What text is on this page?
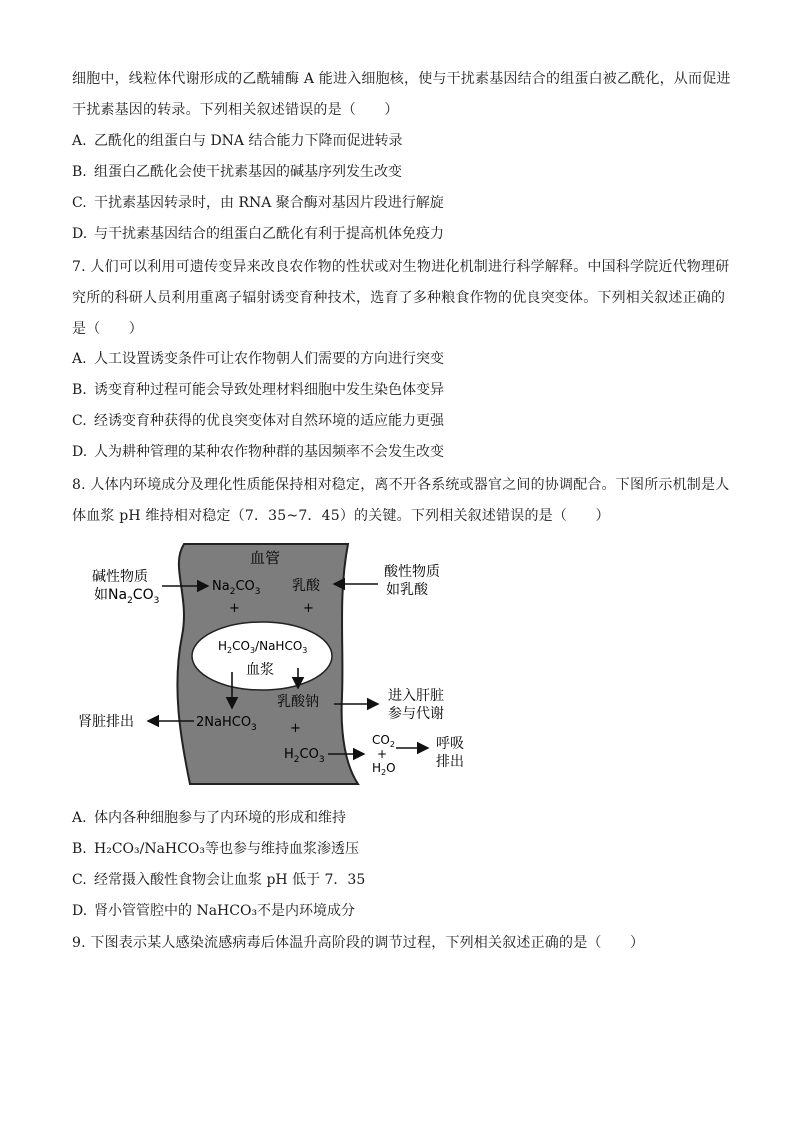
细胞中，线粒体代谢形成的乙酰辅酶 A 能进入细胞核，使与干扰素基因结合的组蛋白被乙酰化，从而促进
干扰素基因的转录。下列相关叙述错误的是（　　）
A. 乙酰化的组蛋白与 DNA 结合能力下降而促进转录
B. 组蛋白乙酰化会使干扰素基因的碱基序列发生改变
C. 干扰素基因转录时，由 RNA 聚合酶对基因片段进行解旋
D. 与干扰素基因结合的组蛋白乙酰化有利于提高机体免疫力
7. 人们可以利用可遗传变异来改良农作物的性状或对生物进化机制进行科学解释。中国科学院近代物理研
究所的科研人员利用重离子辐射诱变育种技术，选育了多种粮食作物的优良突变体。下列相关叙述正确的
是（　　）
A. 人工设置诱变条件可让农作物朝人们需要的方向进行突变
B. 诱变育种过程可能会导致处理材料细胞中发生染色体变异
C. 经诱变育种获得的优良突变体对自然环境的适应能力更强
D. 人为耕种管理的某种农作物种群的基因频率不会发生改变
8. 人体内环境成分及理化性质能保持相对稳定，离不开各系统或器官之间的协调配合。下图所示机制是人
体血浆 pH 维持相对稳定（7．35~7．45）的关键。下列相关叙述错误的是（　　）
血管
碱性物质
如$Na_2CO_3$
$Na_2CO_3$
+
乳酸
+
酸性物质
如乳酸
$H_2CO_3/NaHCO_3$
血浆
乳酸钠	进入肝脏
参与代谢
2NaHCO$_3$
肾脏排出	+
$H_2CO_3$
$CO_2$
+
$H_2O$
呼吸
排出
A. 体内各种细胞参与了内环境的形成和维持
B. H₂CO₃/NaHCO₃等也参与维持血浆渗透压
C. 经常摄入酸性食物会让血浆 pH 低于 7．35
D. 肾小管管腔中的 NaHCO₃不是内环境成分
9. 下图表示某人感染流感病毒后体温升高阶段的调节过程，下列相关叙述正确的是（　　）
